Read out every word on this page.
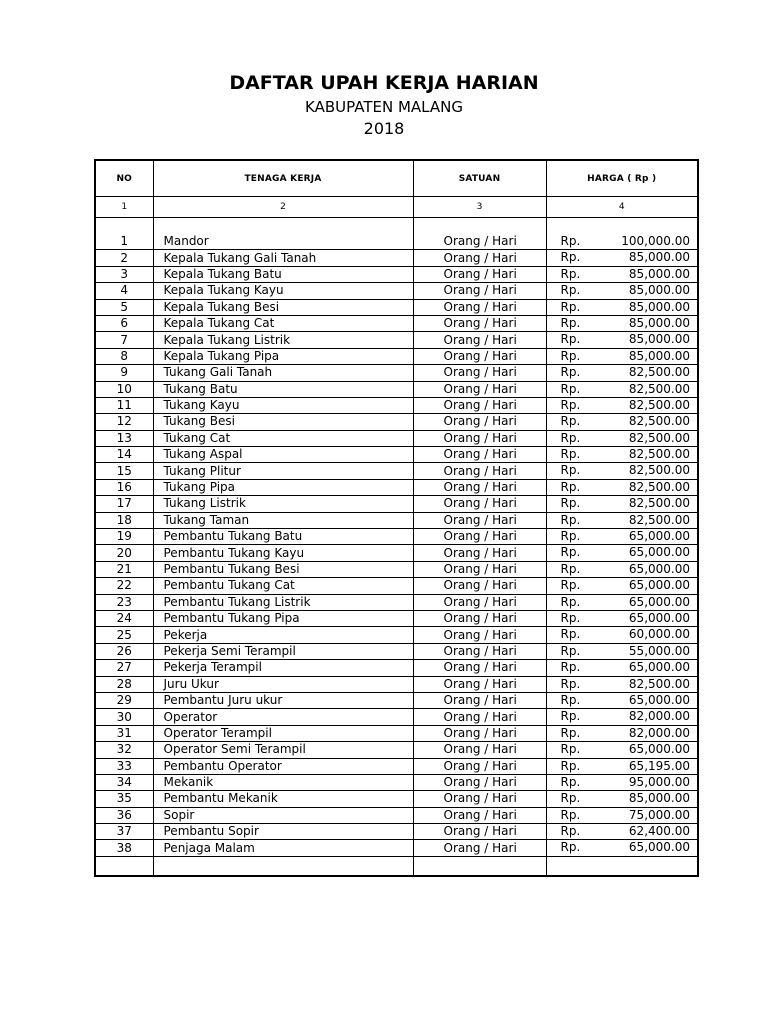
DAFTAR UPAH KERJA HARIAN
KABUPATEN MALANG
2018
NO	TENAGA KERJA	SATUAN	HARGA ( Rp )
1	2	3	4

1	Mandor	Orang / Hari	Rp. 100,000.00

2	Kepala Tukang Gali Tanah	Orang / Hari	Rp. 85,000.00

3	Kepala Tukang Batu	Orang / Hari	Rp. 85,000.00

4	Kepala Tukang Kayu	Orang / Hari	Rp. 85,000.00

5	Kepala Tukang Besi	Orang / Hari	Rp. 85,000.00

6	Kepala Tukang Cat	Orang / Hari	Rp. 85,000.00

7	Kepala Tukang Listrik	Orang / Hari	Rp. 85,000.00

8	Kepala Tukang Pipa	Orang / Hari	Rp. 85,000.00

9	Tukang Gali Tanah	Orang / Hari	Rp. 82,500.00

10	Tukang Batu	Orang / Hari	Rp. 82,500.00

11	Tukang Kayu	Orang / Hari	Rp. 82,500.00

12	Tukang Besi	Orang / Hari	Rp. 82,500.00

13	Tukang Cat	Orang / Hari	Rp. 82,500.00

14	Tukang Aspal	Orang / Hari	Rp. 82,500.00

15	Tukang Plitur	Orang / Hari	Rp. 82,500.00

16	Tukang Pipa	Orang / Hari	Rp. 82,500.00

17	Tukang Listrik	Orang / Hari	Rp. 82,500.00

18	Tukang Taman	Orang / Hari	Rp. 82,500.00

19	Pembantu Tukang Batu	Orang / Hari	Rp. 65,000.00

20	Pembantu Tukang Kayu	Orang / Hari	Rp. 65,000.00

21	Pembantu Tukang Besi	Orang / Hari	Rp. 65,000.00

22	Pembantu Tukang Cat	Orang / Hari	Rp. 65,000.00

23	Pembantu Tukang Listrik	Orang / Hari	Rp. 65,000.00

24	Pembantu Tukang Pipa	Orang / Hari	Rp. 65,000.00

25	Pekerja	Orang / Hari	Rp. 60,000.00

26	Pekerja Semi Terampil	Orang / Hari	Rp. 55,000.00

27	Pekerja Terampil	Orang / Hari	Rp. 65,000.00

28	Juru Ukur	Orang / Hari	Rp. 82,500.00

29	Pembantu Juru ukur	Orang / Hari	Rp. 65,000.00

30	Operator	Orang / Hari	Rp. 82,000.00

31	Operator Terampil	Orang / Hari	Rp. 82,000.00

32	Operator Semi Terampil	Orang / Hari	Rp. 65,000.00

33	Pembantu Operator	Orang / Hari	Rp. 65,195.00

34	Mekanik	Orang / Hari	Rp. 95,000.00

35	Pembantu Mekanik	Orang / Hari	Rp. 85,000.00

36	Sopir	Orang / Hari	Rp. 75,000.00

37	Pembantu Sopir	Orang / Hari	Rp. 62,400.00

38	Penjaga Malam	Orang / Hari	Rp. 65,000.00
